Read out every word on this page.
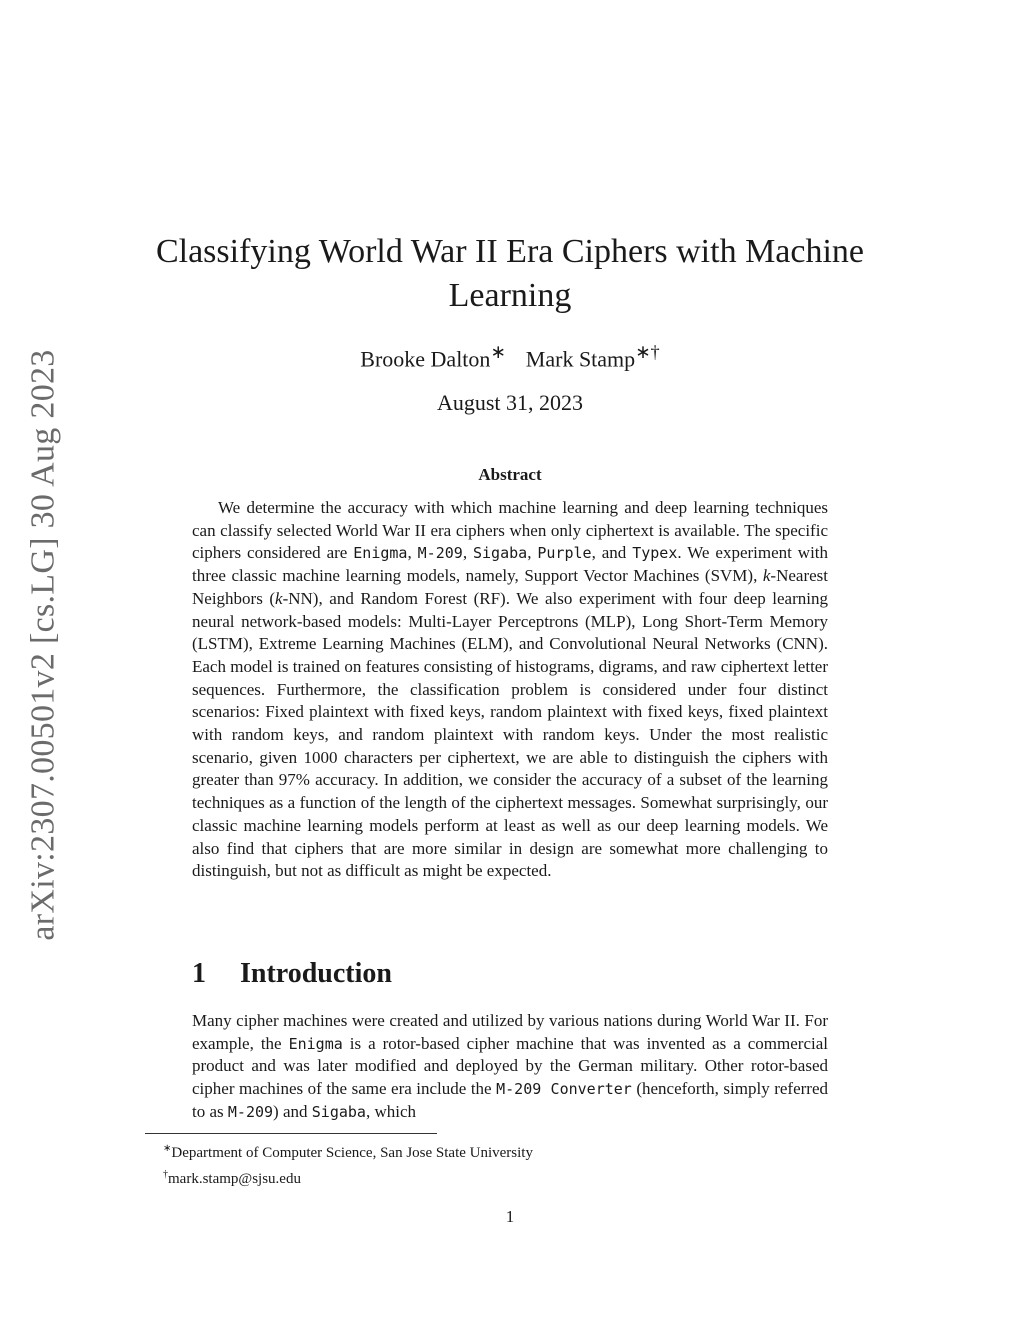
arXiv:2307.00501v2 [cs.LG] 30 Aug 2023
Classifying World War II Era Ciphers with Machine Learning
Brooke Dalton∗ Mark Stamp∗†
August 31, 2023
Abstract

We determine the accuracy with which machine learning and deep learning techniques can classify selected World War II era ciphers when only ciphertext is available. The specific ciphers considered are Enigma, M-209, Sigaba, Purple, and Typex. We experiment with three classic machine learning models, namely, Support Vector Machines (SVM), k-Nearest Neighbors (k-NN), and Random Forest (RF). We also experiment with four deep learning neural network-based models: Multi-Layer Perceptrons (MLP), Long Short-Term Memory (LSTM), Extreme Learning Machines (ELM), and Convolutional Neural Networks (CNN). Each model is trained on features consisting of histograms, digrams, and raw ciphertext letter sequences. Furthermore, the classification problem is considered under four distinct scenarios: Fixed plaintext with fixed keys, random plaintext with fixed keys, fixed plaintext with random keys, and random plaintext with random keys. Under the most realistic scenario, given 1000 characters per ciphertext, we are able to distinguish the ciphers with greater than 97% accuracy. In addition, we consider the accuracy of a subset of the learning techniques as a function of the length of the ciphertext messages. Somewhat surprisingly, our classic machine learning models perform at least as well as our deep learning models. We also find that ciphers that are more similar in design are somewhat more challenging to distinguish, but not as difficult as might be expected.

1 Introduction

Many cipher machines were created and utilized by various nations during World War II. For example, the Enigma is a rotor-based cipher machine that was invented as a commercial product and was later modified and deployed by the German military. Other rotor-based cipher machines of the same era include the M-209 Converter (henceforth, simply referred to as M-209) and Sigaba, which

∗Department of Computer Science, San Jose State University
†mark.stamp@sjsu.edu
1
